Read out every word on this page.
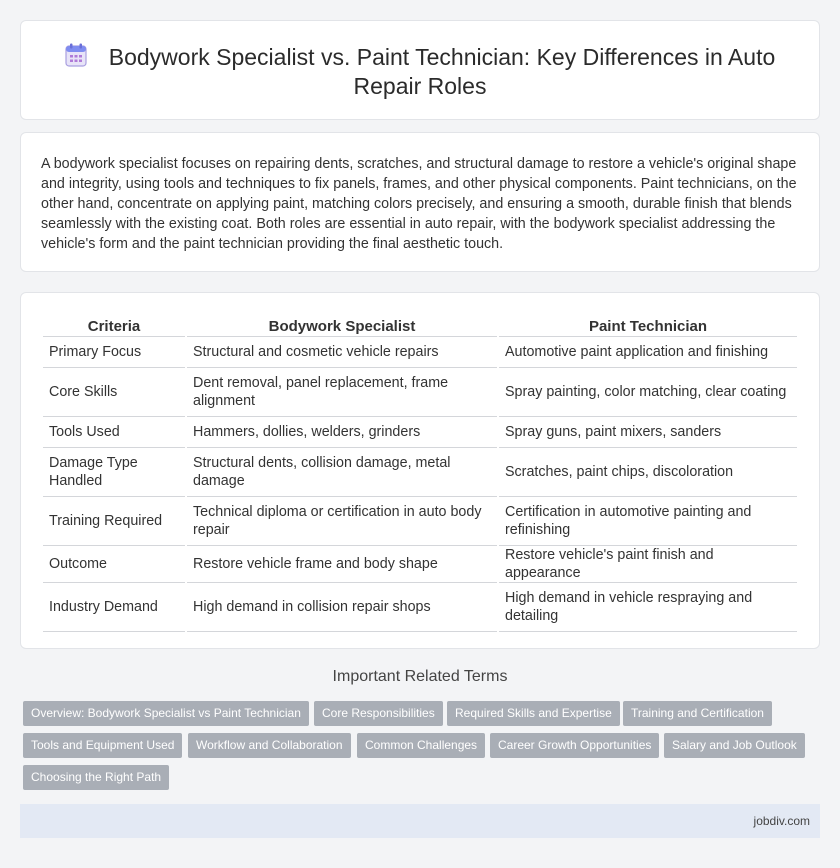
Bodywork Specialist vs. Paint Technician: Key Differences in Auto Repair Roles

A bodywork specialist focuses on repairing dents, scratches, and structural damage to restore a vehicle's original shape and integrity, using tools and techniques to fix panels, frames, and other physical components. Paint technicians, on the other hand, concentrate on applying paint, matching colors precisely, and ensuring a smooth, durable finish that blends seamlessly with the existing coat. Both roles are essential in auto repair, with the bodywork specialist addressing the vehicle's form and the paint technician providing the final aesthetic touch.

Criteria	Bodywork Specialist	Paint Technician
Primary Focus	Structural and cosmetic vehicle repairs	Automotive paint application and finishing
Core Skills	Dent removal, panel replacement, frame alignment	Spray painting, color matching, clear coating
Tools Used	Hammers, dollies, welders, grinders	Spray guns, paint mixers, sanders
Damage Type Handled	Structural dents, collision damage, metal damage	Scratches, paint chips, discoloration
Training Required	Technical diploma or certification in auto body repair	Certification in automotive painting and refinishing
Outcome	Restore vehicle frame and body shape	Restore vehicle's paint finish and appearance
Industry Demand	High demand in collision repair shops	High demand in vehicle respraying and detailing
Important Related Terms
Overview: Bodywork Specialist vs Paint Technician	Core Responsibilities	Required Skills and Expertise	Training and Certification
Tools and Equipment Used	Workflow and Collaboration	Common Challenges	Career Growth Opportunities	Salary and Job Outlook
Choosing the Right Path
jobdiv.com
